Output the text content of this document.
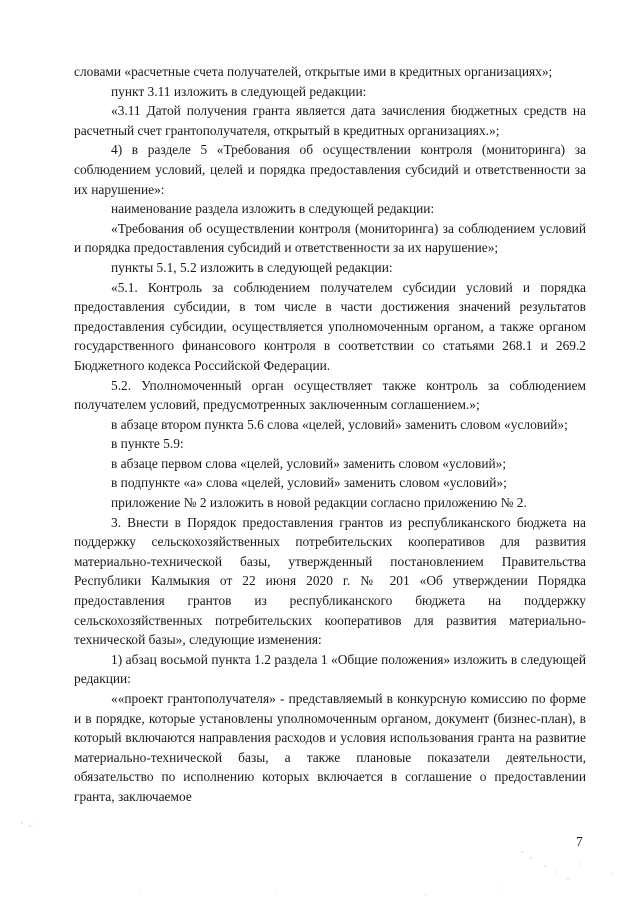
словами «расчетные счета получателей, открытые ими в кредитных организациях»;

пункт 3.11 изложить в следующей редакции:

«3.11 Датой получения гранта является дата зачисления бюджетных средств на расчетный счет грантополучателя, открытый в кредитных организациях.»;

4) в разделе 5 «Требования об осуществлении контроля (мониторинга) за соблюдением условий, целей и порядка предоставления субсидий и ответственности за их нарушение»:

наименование раздела изложить в следующей редакции:

«Требования об осуществлении контроля (мониторинга) за соблюдением условий и порядка предоставления субсидий и ответственности за их нарушение»;

пункты 5.1, 5.2 изложить в следующей редакции:

«5.1. Контроль за соблюдением получателем субсидии условий и порядка предоставления субсидии, в том числе в части достижения значений результатов предоставления субсидии, осуществляется уполномоченным органом, а также органом государственного финансового контроля в соответствии со статьями 268.1 и 269.2 Бюджетного кодекса Российской Федерации.

5.2. Уполномоченный орган осуществляет также контроль за соблюдением получателем условий, предусмотренных заключенным соглашением.»;

в абзаце втором пункта 5.6 слова «целей, условий» заменить словом «условий»;

в пункте 5.9:

в абзаце первом слова «целей, условий» заменить словом «условий»;

в подпункте «а» слова «целей, условий» заменить словом «условий»;

приложение № 2 изложить в новой редакции согласно приложению № 2.

3. Внести в Порядок предоставления грантов из республиканского бюджета на поддержку сельскохозяйственных потребительских кооперативов для развития материально-технической базы, утвержденный постановлением Правительства Республики Калмыкия от 22 июня 2020 г. № 201 «Об утверждении Порядка предоставления грантов из республиканского бюджета на поддержку сельскохозяйственных потребительских кооперативов для развития материально-технической базы», следующие изменения:

1) абзац восьмой пункта 1.2 раздела 1 «Общие положения» изложить в следующей редакции:

««проект грантополучателя» - представляемый в конкурсную комиссию по форме и в порядке, которые установлены уполномоченным органом, документ (бизнес-план), в который включаются направления расходов и условия использования гранта на развитие материально-технической базы, а также плановые показатели деятельности, обязательство по исполнению которых включается в соглашение о предоставлении гранта, заключаемое

7
